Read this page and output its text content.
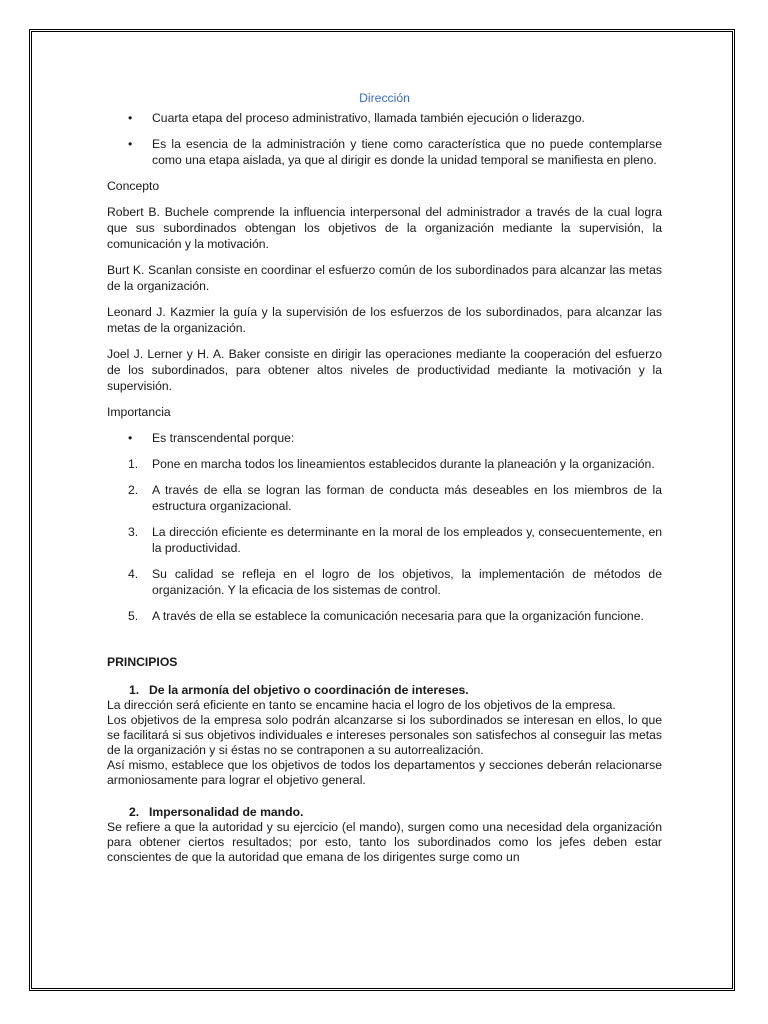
Dirección
• Cuarta etapa del proceso administrativo, llamada también ejecución o liderazgo.
• Es la esencia de la administración y tiene como característica que no puede contemplarse como una etapa aislada, ya que al dirigir es donde la unidad temporal se manifiesta en pleno.

Concepto

Robert B. Buchele comprende la influencia interpersonal del administrador a través de la cual logra que sus subordinados obtengan los objetivos de la organización mediante la supervisión, la comunicación y la motivación.

Burt K. Scanlan consiste en coordinar el esfuerzo común de los subordinados para alcanzar las metas de la organización.

Leonard J. Kazmier la guía y la supervisión de los esfuerzos de los subordinados, para alcanzar las metas de la organización.

Joel J. Lerner y H. A. Baker consiste en dirigir las operaciones mediante la cooperación del esfuerzo de los subordinados, para obtener altos niveles de productividad mediante la motivación y la supervisión.

Importancia

• Es transcendental porque:
1. Pone en marcha todos los lineamientos establecidos durante la planeación y la organización.
2. A través de ella se logran las forman de conducta más deseables en los miembros de la estructura organizacional.
3. La dirección eficiente es determinante en la moral de los empleados y, consecuentemente, en la productividad.
4. Su calidad se refleja en el logro de los objetivos, la implementación de métodos de organización. Y la eficacia de los sistemas de control.
5. A través de ella se establece la comunicación necesaria para que la organización funcione.
PRINCIPIOS
1. De la armonía del objetivo o coordinación de intereses.

La dirección será eficiente en tanto se encamine hacia el logro de los objetivos de la empresa.

Los objetivos de la empresa solo podrán alcanzarse si los subordinados se interesan en ellos, lo que se facilitará si sus objetivos individuales e intereses personales son satisfechos al conseguir las metas de la organización y si éstas no se contraponen a su autorrealización.

Así mismo, establece que los objetivos de todos los departamentos y secciones deberán relacionarse armoniosamente para lograr el objetivo general.

2. Impersonalidad de mando.

Se refiere a que la autoridad y su ejercicio (el mando), surgen como una necesidad dela organización para obtener ciertos resultados; por esto, tanto los subordinados como los jefes deben estar conscientes de que la autoridad que emana de los dirigentes surge como un
